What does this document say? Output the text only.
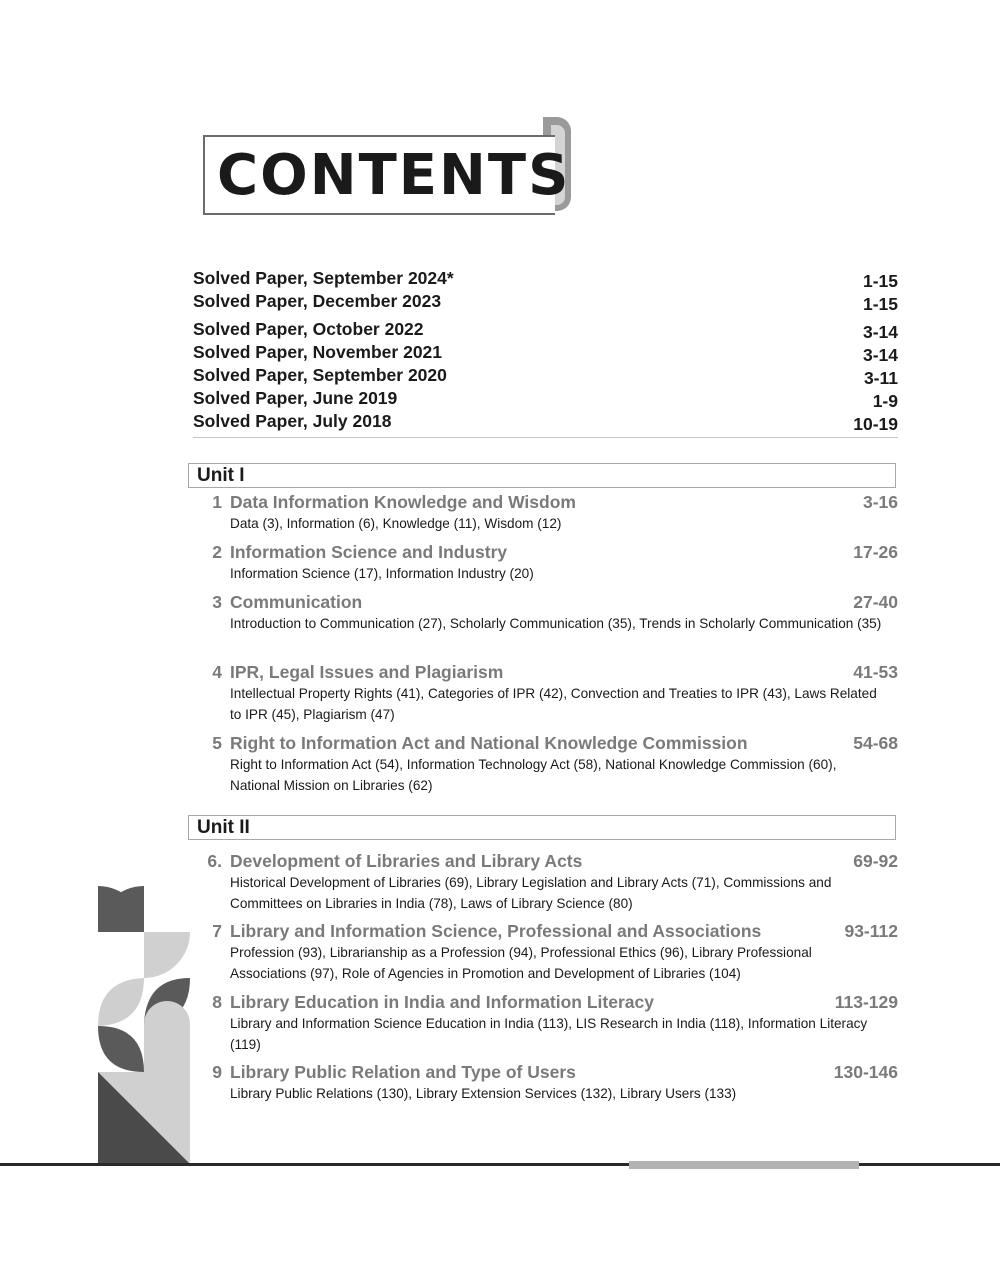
CONTENTS
Solved Paper, September 2024*	1-15
Solved Paper, December 2023	1-15
Solved Paper, October 2022	3-14
Solved Paper, November 2021	3-14
Solved Paper, September 2020	3-11
Solved Paper, June 2019	1-9
Solved Paper, July 2018	10-19
Unit I
1 Data Information Knowledge and Wisdom	3-16
Data (3), Information (6), Knowledge (11), Wisdom (12)
2 Information Science and Industry	17-26
Information Science (17), Information Industry (20)
3 Communication	27-40
Introduction to Communication (27), Scholarly Communication (35), Trends in Scholarly Communication (35)
4 IPR, Legal Issues and Plagiarism	41-53
Intellectual Property Rights (41), Categories of IPR (42), Convection and Treaties to IPR (43), Laws Related to IPR (45), Plagiarism (47)
5 Right to Information Act and National Knowledge Commission	54-68
Right to Information Act (54), Information Technology Act (58), National Knowledge Commission (60), National Mission on Libraries (62)
Unit II
6. Development of Libraries and Library Acts	69-92
Historical Development of Libraries (69), Library Legislation and Library Acts (71), Commissions and Committees on Libraries in India (78), Laws of Library Science (80)
7 Library and Information Science, Professional and Associations	93-112
Profession (93), Librarianship as a Profession (94), Professional Ethics (96), Library Professional Associations (97), Role of Agencies in Promotion and Development of Libraries (104)
8 Library Education in India and Information Literacy	113-129
Library and Information Science Education in India (113), LIS Research in India (118), Information Literacy (119)
9 Library Public Relation and Type of Users	130-146
Library Public Relations (130), Library Extension Services (132), Library Users (133)
